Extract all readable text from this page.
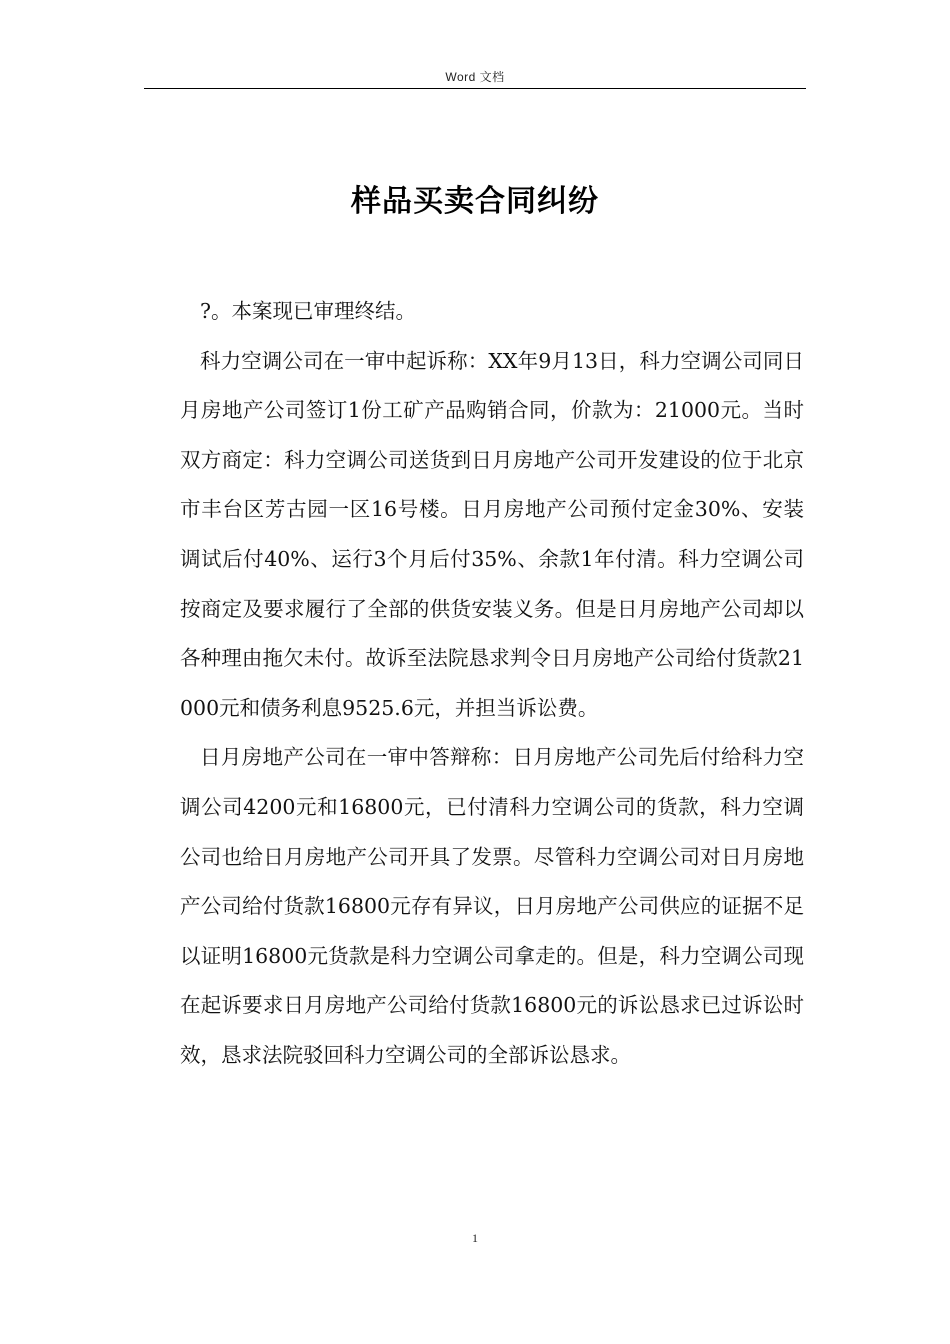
Word 文档
样品买卖合同纠纷

?。本案现已审理终结。

科力空调公司在一审中起诉称：XX年9月13日，科力空调公司同日月房地产公司签订1份工矿产品购销合同，价款为：21000元。当时双方商定：科力空调公司送货到日月房地产公司开发建设的位于北京市丰台区芳古园一区16号楼。日月房地产公司预付定金30%、安装调试后付40%、运行3个月后付35%、余款1年付清。科力空调公司按商定及要求履行了全部的供货安装义务。但是日月房地产公司却以各种理由拖欠未付。故诉至法院恳求判令日月房地产公司给付货款21000元和债务利息9525.6元，并担当诉讼费。

日月房地产公司在一审中答辩称：日月房地产公司先后付给科力空调公司4200元和16800元，已付清科力空调公司的货款，科力空调公司也给日月房地产公司开具了发票。尽管科力空调公司对日月房地产公司给付货款16800元存有异议，日月房地产公司供应的证据不足以证明16800元货款是科力空调公司拿走的。但是，科力空调公司现在起诉要求日月房地产公司给付货款16800元的诉讼恳求已过诉讼时效，恳求法院驳回科力空调公司的全部诉讼恳求。

1
